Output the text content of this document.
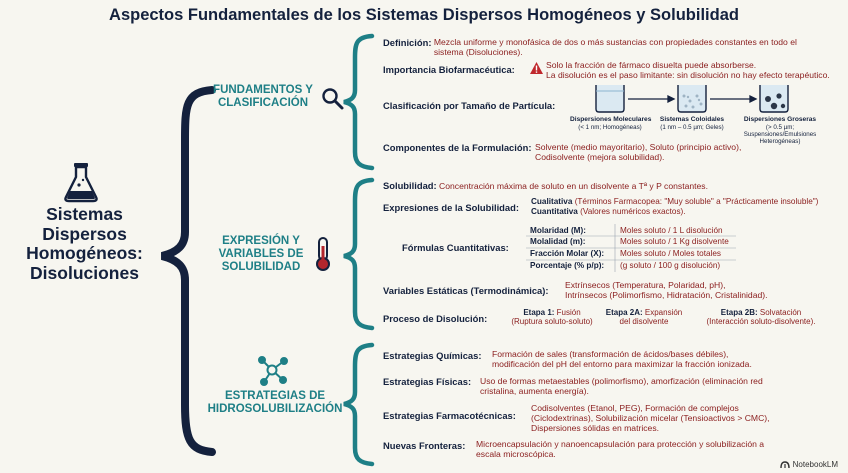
Aspectos Fundamentales de los Sistemas Dispersos Homogéneos y Solubilidad
Sistemas Dispersos Homogéneos: Disoluciones
FUNDAMENTOS Y CLASIFICACIÓN
EXPRESIÓN Y VARIABLES DE SOLUBILIDAD
ESTRATEGIAS DE HIDROSOLUBILIZACIÓN
Definición: Mezcla uniforme y monofásica de dos o más sustancias con propiedades constantes en todo el sistema (Disoluciones).
Importancia Biofarmacéutica:	Solo la fracción de fármaco disuelta puede absorberse.
La disolución es el paso limitante: sin disolución no hay efecto terapéutico.
Clasificación por Tamaño de Partícula:
Dispersiones Moleculares
(< 1 nm; Homogéneas)
Sistemas Coloidales
(1 nm – 0.5 µm; Geles)
Dispersiones Groseras
(> 0.5 µm; Suspensiones/Emulsiones Heterogéneas)
Componentes de la Formulación: Solvente (medio mayoritario), Soluto (principio activo),
Codisolvente (mejora solubilidad).
Solubilidad: Concentración máxima de soluto en un disolvente a Tª y P constantes.
Expresiones de la Solubilidad:
Cualitativa (Términos Farmacopea: "Muy soluble" a "Prácticamente insoluble")
Cuantitativa (Valores numéricos exactos).
Fórmulas Cuantitativas:
Molaridad (M):	Moles soluto / 1 L disolución
Molalidad (m):	Moles soluto / 1 Kg disolvente
Fracción Molar (X): Moles soluto / Moles totales
Porcentaje (% p/p): (g soluto / 100 g disolución)
Variables Estáticas (Termodinámica): Extrínsecos (Temperatura, Polaridad, pH),
Intrínsecos (Polimorfismo, Hidratación, Cristalinidad).
Proceso de Disolución:
Etapa 1: Fusión
(Ruptura soluto-soluto)
Etapa 2A: Expansión
del disolvente
Etapa 2B: Solvatación
(Interacción soluto-disolvente).
Estrategias Químicas: Formación de sales (transformación de ácidos/bases débiles),
modificación del pH del entorno para maximizar la fracción ionizada.
Estrategias Físicas: Uso de formas metaestables (polimorfismo), amorfización (eliminación red
cristalina, aumenta energía).
Estrategias Farmacotécnicas:
Codisolventes (Etanol, PEG), Formación de complejos
(Ciclodextrinas), Solubilización micelar (Tensioactivos > CMC),
Dispersiones sólidas en matrices.
Nuevas Fronteras: Microencapsulación y nanoencapsulación para protección y solubilización a
escala microscópica.
NotebookLM
